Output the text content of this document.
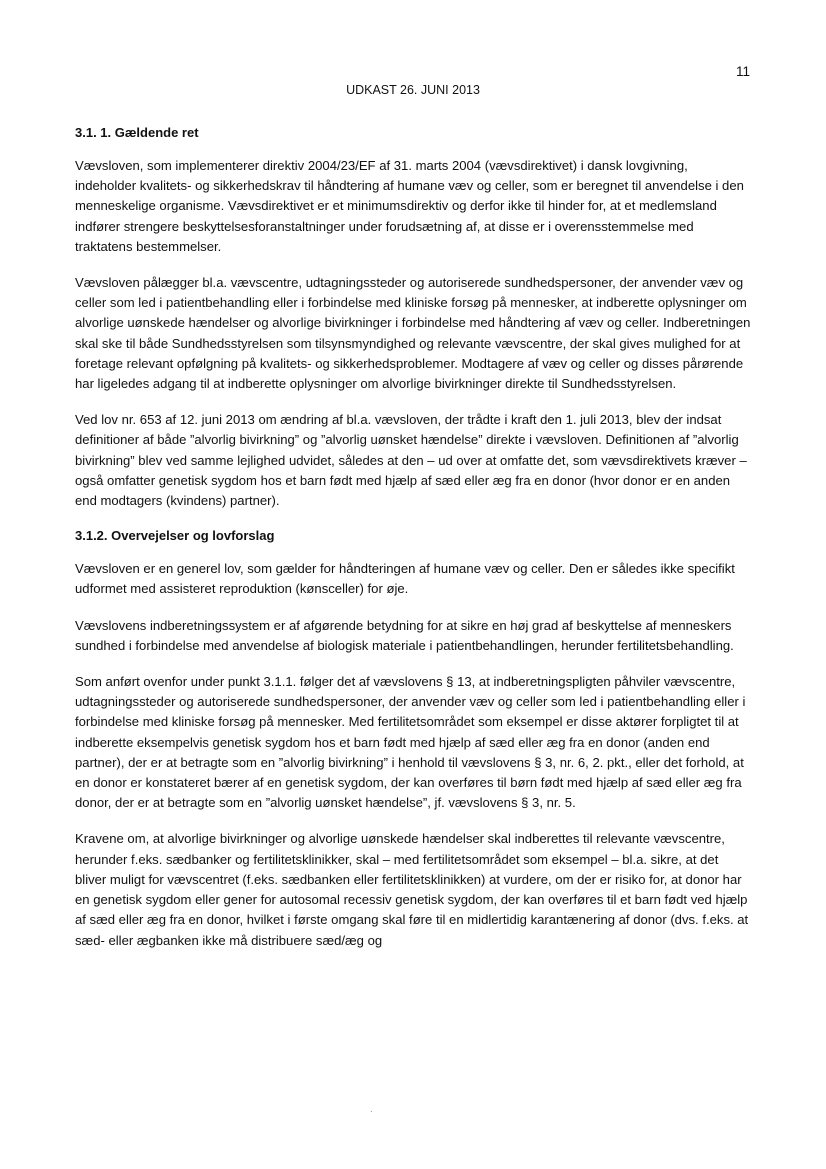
11

UDKAST 26. JUNI 2013

3.1. 1. Gældende ret

Vævsloven, som implementerer direktiv 2004/23/EF af 31. marts 2004 (vævsdirektivet) i dansk lovgivning, indeholder kvalitets- og sikkerhedskrav til håndtering af humane væv og celler, som er beregnet til anvendelse i den menneskelige organisme. Vævsdirektivet er et minimumsdirektiv og derfor ikke til hinder for, at et medlemsland indfører strengere beskyttelsesforanstaltninger under forudsætning af, at disse er i overensstemmelse med traktatens bestemmelser.

Vævsloven pålægger bl.a. vævscentre, udtagningssteder og autoriserede sundhedspersoner, der anvender væv og celler som led i patientbehandling eller i forbindelse med kliniske forsøg på mennesker, at indberette oplysninger om alvorlige uønskede hændelser og alvorlige bivirkninger i forbindelse med håndtering af væv og celler. Indberetningen skal ske til både Sundhedsstyrelsen som tilsynsmyndighed og relevante vævscentre, der skal gives mulighed for at foretage relevant opfølgning på kvalitets- og sikkerhedsproblemer. Modtagere af væv og celler og disses pårørende har ligeledes adgang til at indberette oplysninger om alvorlige bivirkninger direkte til Sundhedsstyrelsen.

Ved lov nr. 653 af 12. juni 2013 om ændring af bl.a. vævsloven, der trådte i kraft den 1. juli 2013, blev der indsat definitioner af både ”alvorlig bivirkning” og ”alvorlig uønsket hændelse” direkte i vævsloven. Definitionen af ”alvorlig bivirkning” blev ved samme lejlighed udvidet, således at den – ud over at omfatte det, som vævsdirektivets kræver – også omfatter genetisk sygdom hos et barn født med hjælp af sæd eller æg fra en donor (hvor donor er en anden end modtagers (kvindens) partner).

3.1.2. Overvejelser og lovforslag

Vævsloven er en generel lov, som gælder for håndteringen af humane væv og celler. Den er således ikke specifikt udformet med assisteret reproduktion (kønsceller) for øje.

Vævslovens indberetningssystem er af afgørende betydning for at sikre en høj grad af beskyttelse af menneskers sundhed i forbindelse med anvendelse af biologisk materiale i patientbehandlingen, herunder fertilitetsbehandling.

Som anført ovenfor under punkt 3.1.1. følger det af vævslovens § 13, at indberetningspligten påhviler vævscentre, udtagningssteder og autoriserede sundhedspersoner, der anvender væv og celler som led i patientbehandling eller i forbindelse med kliniske forsøg på mennesker. Med fertilitetsområdet som eksempel er disse aktører forpligtet til at indberette eksempelvis genetisk sygdom hos et barn født med hjælp af sæd eller æg fra en donor (anden end partner), der er at betragte som en ”alvorlig bivirkning” i henhold til vævslovens § 3, nr. 6, 2. pkt., eller det forhold, at en donor er konstateret bærer af en genetisk sygdom, der kan overføres til børn født med hjælp af sæd eller æg fra donor, der er at betragte som en ”alvorlig uønsket hændelse”, jf. vævslovens § 3, nr. 5.

Kravene om, at alvorlige bivirkninger og alvorlige uønskede hændelser skal indberettes til relevante vævscentre, herunder f.eks. sædbanker og fertilitetsklinikker, skal – med fertilitetsområdet som eksempel – bl.a. sikre, at det bliver muligt for vævscentret (f.eks. sædbanken eller fertilitetsklinikken) at vurdere, om der er risiko for, at donor har en genetisk sygdom eller gener for autosomal recessiv genetisk sygdom, der kan overføres til et barn født ved hjælp af sæd eller æg fra en donor, hvilket i første omgang skal føre til en midlertidig karantænering af donor (dvs. f.eks. at sæd- eller ægbanken ikke må distribuere sæd/æg og

.
